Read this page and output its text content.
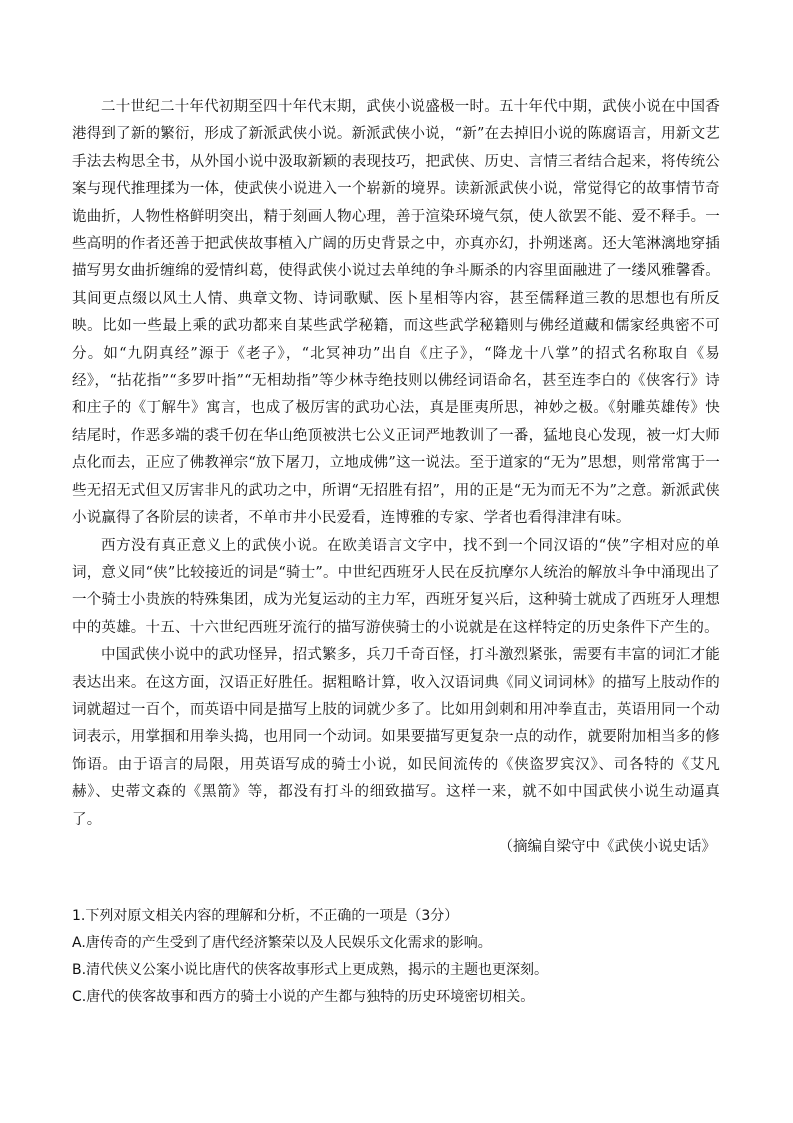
二十世纪二十年代初期至四十年代末期，武侠小说盛极一时。五十年代中期，武侠小说在中国香港得到了新的繁衍，形成了新派武侠小说。新派武侠小说，“新”在去掉旧小说的陈腐语言，用新文艺手法去构思全书，从外国小说中汲取新颖的表现技巧，把武侠、历史、言情三者结合起来，将传统公案与现代推理揉为一体，使武侠小说进入一个崭新的境界。读新派武侠小说，常觉得它的故事情节奇诡曲折，人物性格鲜明突出，精于刻画人物心理，善于渲染环境气氛，使人欲罢不能、爱不释手。一些高明的作者还善于把武侠故事植入广阔的历史背景之中，亦真亦幻，扑朔迷离。还大笔淋漓地穿插描写男女曲折缠绵的爱情纠葛，使得武侠小说过去单纯的争斗厮杀的内容里面融进了一缕风雅馨香。其间更点缀以风土人情、典章文物、诗词歌赋、医卜星相等内容，甚至儒释道三教的思想也有所反映。比如一些最上乘的武功都来自某些武学秘籍，而这些武学秘籍则与佛经道藏和儒家经典密不可分。如“九阴真经”源于《老子》，“北冥神功”出自《庄子》，“降龙十八掌”的招式名称取自《易经》，“拈花指”“多罗叶指”“无相劫指”等少林寺绝技则以佛经词语命名，甚至连李白的《侠客行》诗和庄子的《丁解牛》寓言，也成了极厉害的武功心法，真是匪夷所思，神妙之极。《射雕英雄传》快结尾时，作恶多端的裘千仞在华山绝顶被洪七公义正词严地教训了一番，猛地良心发现，被一灯大师点化而去，正应了佛教禅宗“放下屠刀，立地成佛”这一说法。至于道家的“无为”思想，则常常寓于一些无招无式但又厉害非凡的武功之中，所谓“无招胜有招”，用的正是“无为而无不为”之意。新派武侠小说赢得了各阶层的读者，不单市井小民爱看，连博雅的专家、学者也看得津津有味。

西方没有真正意义上的武侠小说。在欧美语言文字中，找不到一个同汉语的“侠”字相对应的单词，意义同“侠”比较接近的词是“骑士”。中世纪西班牙人民在反抗摩尔人统治的解放斗争中涌现出了一个骑士小贵族的特殊集团，成为光复运动的主力军，西班牙复兴后，这种骑士就成了西班牙人理想中的英雄。十五、十六世纪西班牙流行的描写游侠骑士的小说就是在这样特定的历史条件下产生的。

中国武侠小说中的武功怪异，招式繁多，兵刀千奇百怪，打斗激烈紧张，需要有丰富的词汇才能表达出来。在这方面，汉语正好胜任。据粗略计算，收入汉语词典《同义词词林》的描写上肢动作的词就超过一百个，而英语中同是描写上肢的词就少多了。比如用剑刺和用冲拳直击，英语用同一个动词表示，用掌掴和用拳头捣，也用同一个动词。如果要描写更复杂一点的动作，就要附加相当多的修饰语。由于语言的局限，用英语写成的骑士小说，如民间流传的《侠盗罗宾汉》、司各特的《艾凡赫》、史蒂文森的《黑箭》等，都没有打斗的细致描写。这样一来，就不如中国武侠小说生动逼真了。

（摘编自梁守中《武侠小说史话》

1.下列对原文相关内容的理解和分析，不正确的一项是（3分）

A.唐传奇的产生受到了唐代经济繁荣以及人民娱乐文化需求的影响。

B.清代侠义公案小说比唐代的侠客故事形式上更成熟，揭示的主题也更深刻。

C.唐代的侠客故事和西方的骑士小说的产生都与独特的历史环境密切相关。
